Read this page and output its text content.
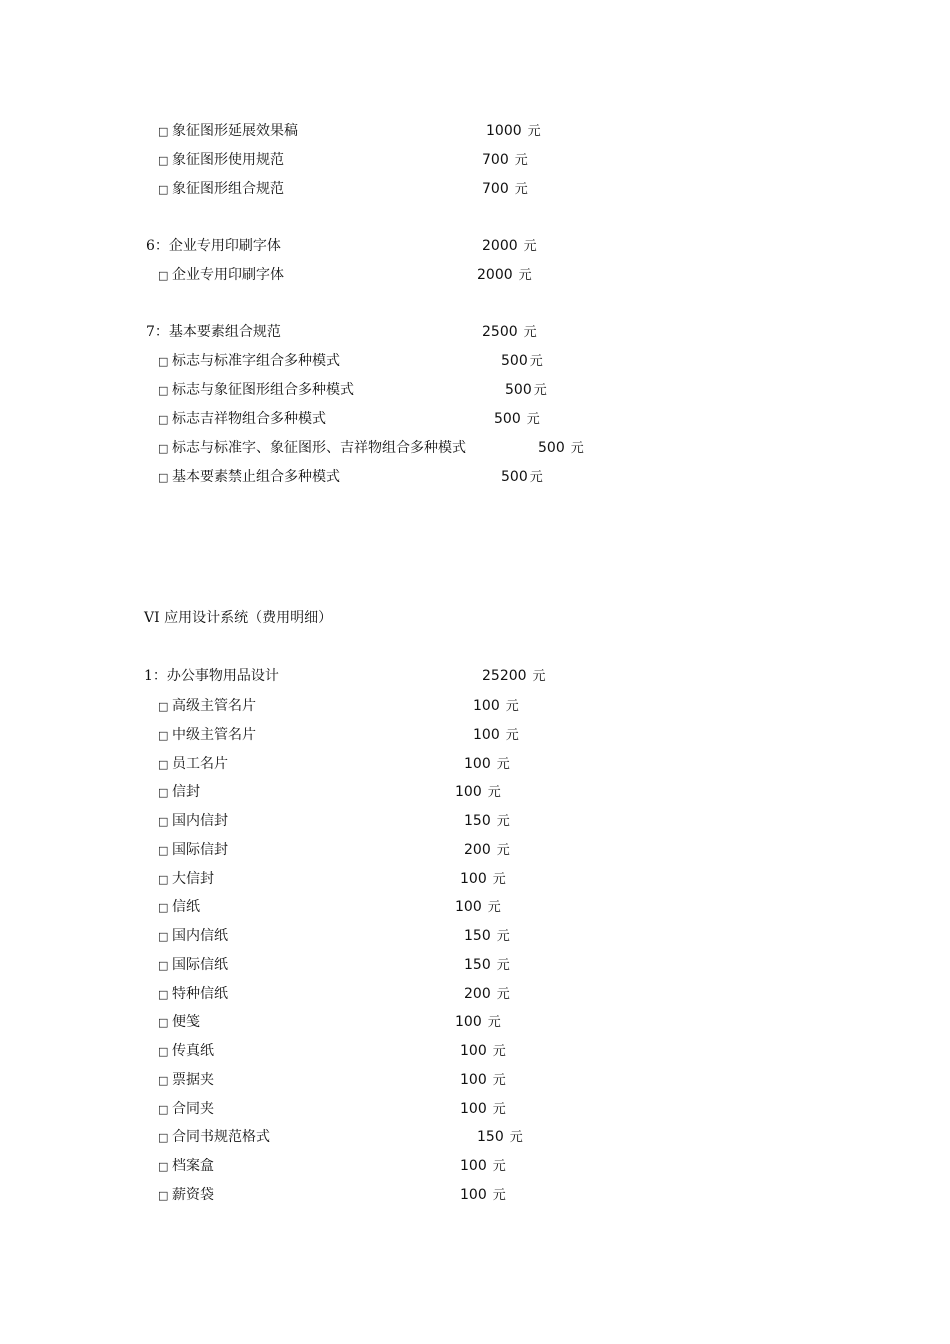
□ 象征图形延展效果稿	1000 元
□ 象征图形使用规范	700 元
□ 象征图形组合规范	700 元
6：企业专用印刷字体	2000 元
□ 企业专用印刷字体	2000 元
7：基本要素组合规范	2500 元
□ 标志与标准字组合多种模式	500 元
□ 标志与象征图形组合多种模式	500 元
□ 标志吉祥物组合多种模式	500 元
□ 标志与标准字、象征图形、吉祥物组合多种模式	500 元
□ 基本要素禁止组合多种模式	500 元
VI 应用设计系统（费用明细）
1：办公事物用品设计	25200 元
□ 高级主管名片	100 元
□ 中级主管名片	100 元
□ 员工名片	100 元
□ 信封	100 元
□ 国内信封	150 元
□ 国际信封	200 元
□ 大信封	100 元
□ 信纸	100 元
□ 国内信纸	150 元
□ 国际信纸	150 元
□ 特种信纸	200 元
□ 便笺	100 元
□ 传真纸	100 元
□ 票据夹	100 元
□ 合同夹	100 元
□ 合同书规范格式	150 元
□ 档案盒	100 元
□ 薪资袋	100 元
